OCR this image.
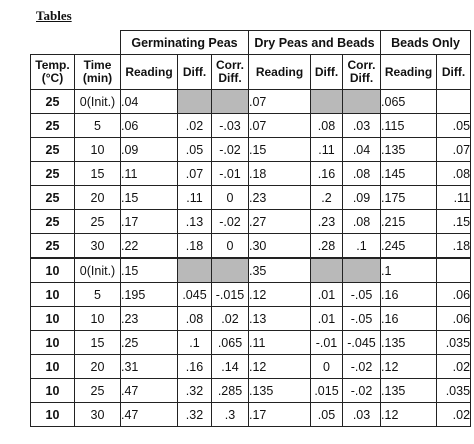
Tables
		Germinating Peas			Dry Peas and Beads			Beads Only	
Temp. (°C)	Time (min)	Reading	Diff.	Corr. Diff.	Reading	Diff.	Corr. Diff.	Reading	Diff.
25	0(Init.)	.04			.07			.065	
25	5	.06	.02	-.03	.07	.08	.03	.115	.05
25	10	.09	.05	-.02	.15	.11	.04	.135	.07
25	15	.11	.07	-.01	.18	.16	.08	.145	.08
25	20	.15	.11	0	.23	.2	.09	.175	.11
25	25	.17	.13	-.02	.27	.23	.08	.215	.15
25	30	.22	.18	0	.30	.28	.1	.245	.18
10	0(Init.)	.15			.35			.1	
10	5	.195	.045	-.015	.12	.01	-.05	.16	.06
10	10	.23	.08	.02	.13	.01	-.05	.16	.06
10	15	.25	.1	.065	.11	-.01	-.045	.135	.035
10	20	.31	.16	.14	.12	0	-.02	.12	.02
10	25	.47	.32	.285	.135	.015	-.02	.135	.035
10	30	.47	.32	.3	.17	.05	.03	.12	.02
